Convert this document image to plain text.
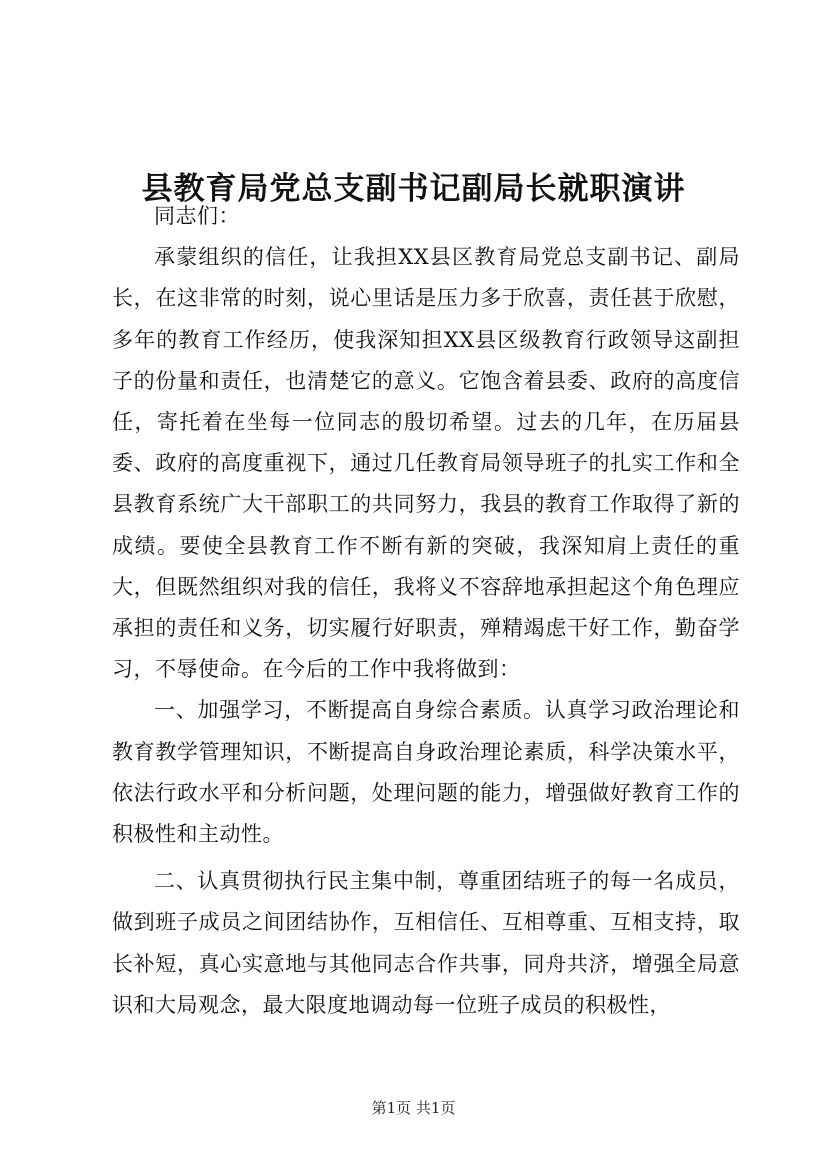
县教育局党总支副书记副局长就职演讲

同志们：

承蒙组织的信任，让我担XX县区教育局党总支副书记、副局长，在这非常的时刻，说心里话是压力多于欣喜，责任甚于欣慰，多年的教育工作经历，使我深知担XX县区级教育行政领导这副担子的份量和责任，也清楚它的意义。它饱含着县委、政府的高度信任，寄托着在坐每一位同志的殷切希望。过去的几年，在历届县委、政府的高度重视下，通过几任教育局领导班子的扎实工作和全县教育系统广大干部职工的共同努力，我县的教育工作取得了新的成绩。要使全县教育工作不断有新的突破，我深知肩上责任的重大，但既然组织对我的信任，我将义不容辞地承担起这个角色理应承担的责任和义务，切实履行好职责，殚精竭虑干好工作，勤奋学习，不辱使命。在今后的工作中我将做到：

一、加强学习，不断提高自身综合素质。认真学习政治理论和教育教学管理知识，不断提高自身政治理论素质，科学决策水平，依法行政水平和分析问题，处理问题的能力，增强做好教育工作的积极性和主动性。

二、认真贯彻执行民主集中制，尊重团结班子的每一名成员，做到班子成员之间团结协作，互相信任、互相尊重、互相支持，取长补短，真心实意地与其他同志合作共事，同舟共济，增强全局意识和大局观念，最大限度地调动每一位班子成员的积极性，

第1页 共1页
